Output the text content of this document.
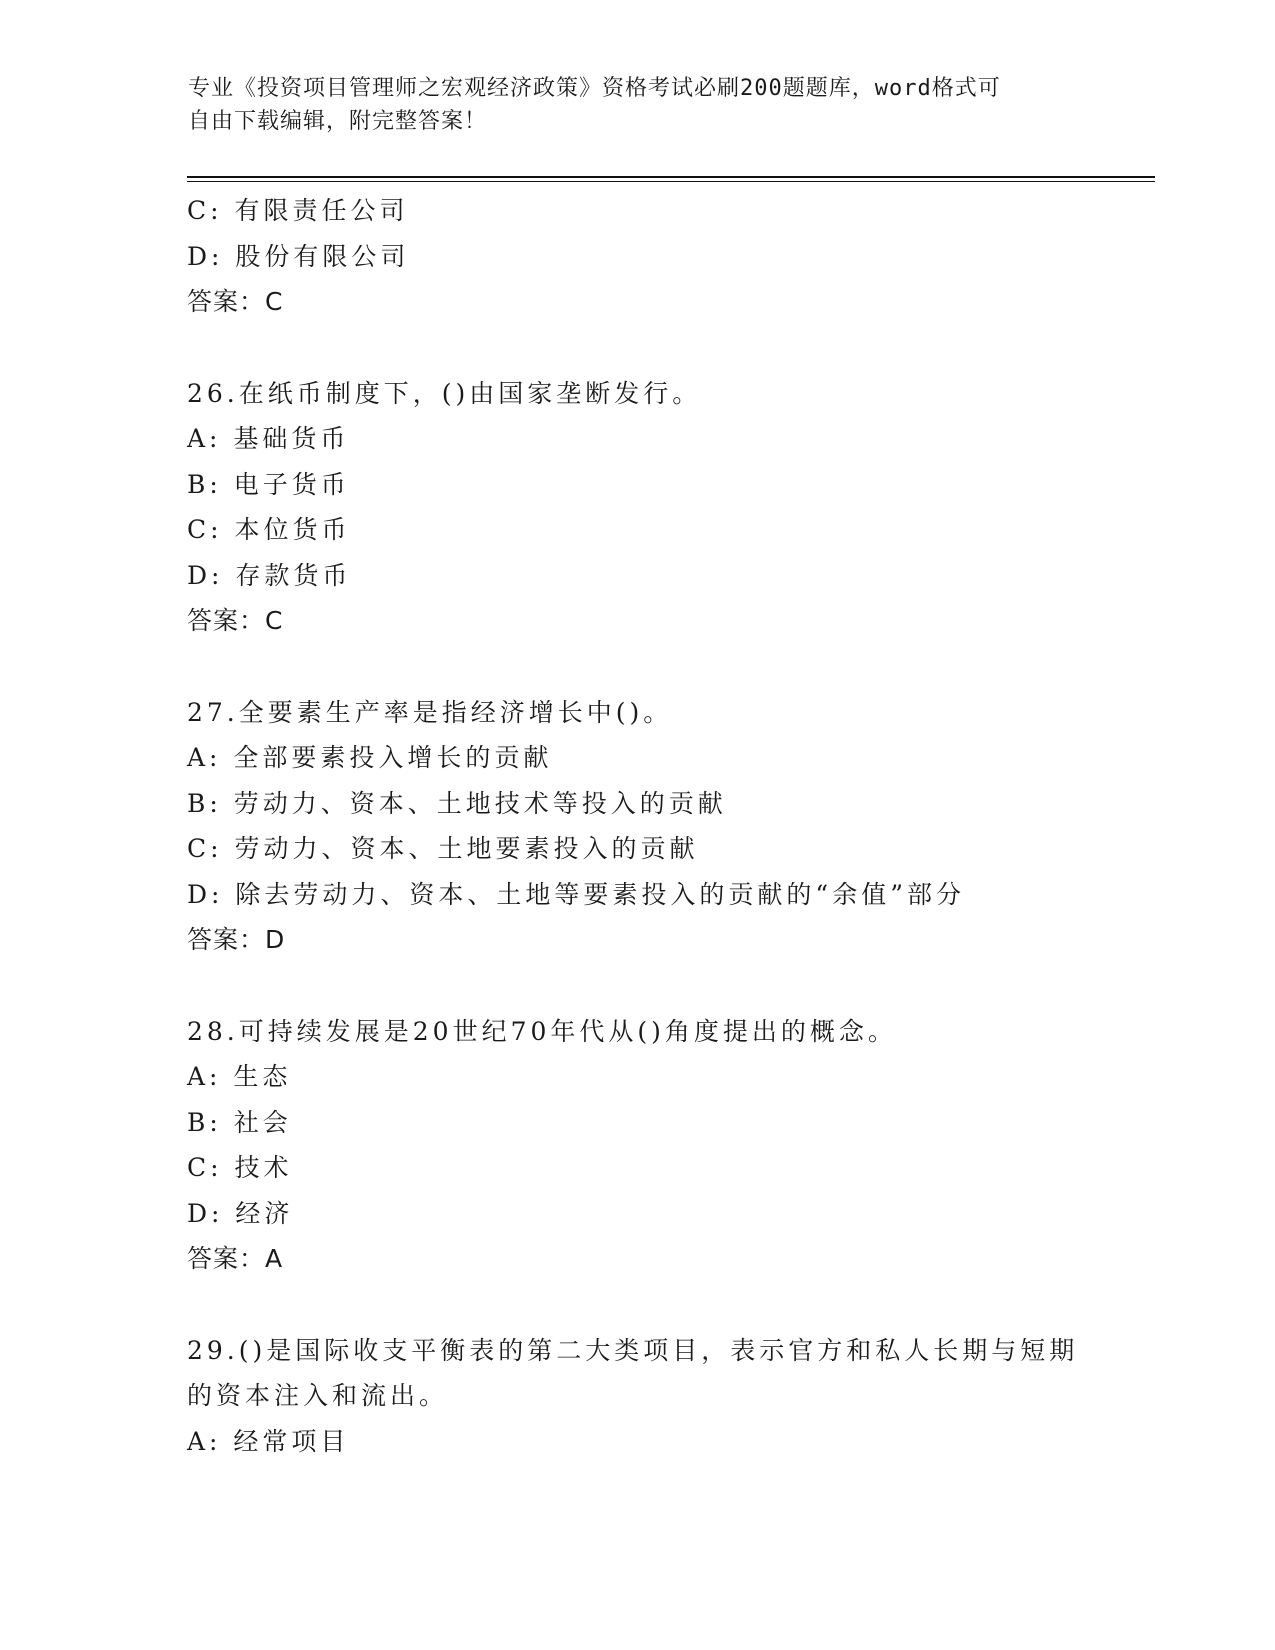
专业《投资项目管理师之宏观经济政策》资格考试必刷200题题库，word格式可
自由下载编辑，附完整答案！
C: 有限责任公司
D: 股份有限公司
答案：C
26.在纸币制度下，()由国家垄断发行。
A: 基础货币
B: 电子货币
C: 本位货币
D: 存款货币
答案：C
27.全要素生产率是指经济增长中()。
A: 全部要素投入增长的贡献
B: 劳动力、资本、土地技术等投入的贡献
C: 劳动力、资本、土地要素投入的贡献
D: 除去劳动力、资本、土地等要素投入的贡献的“余值”部分
答案：D
28.可持续发展是20世纪70年代从()角度提出的概念。
A: 生态
B: 社会
C: 技术
D: 经济
答案：A
29.()是国际收支平衡表的第二大类项目，表示官方和私人长期与短期
的资本注入和流出。
A: 经常项目
